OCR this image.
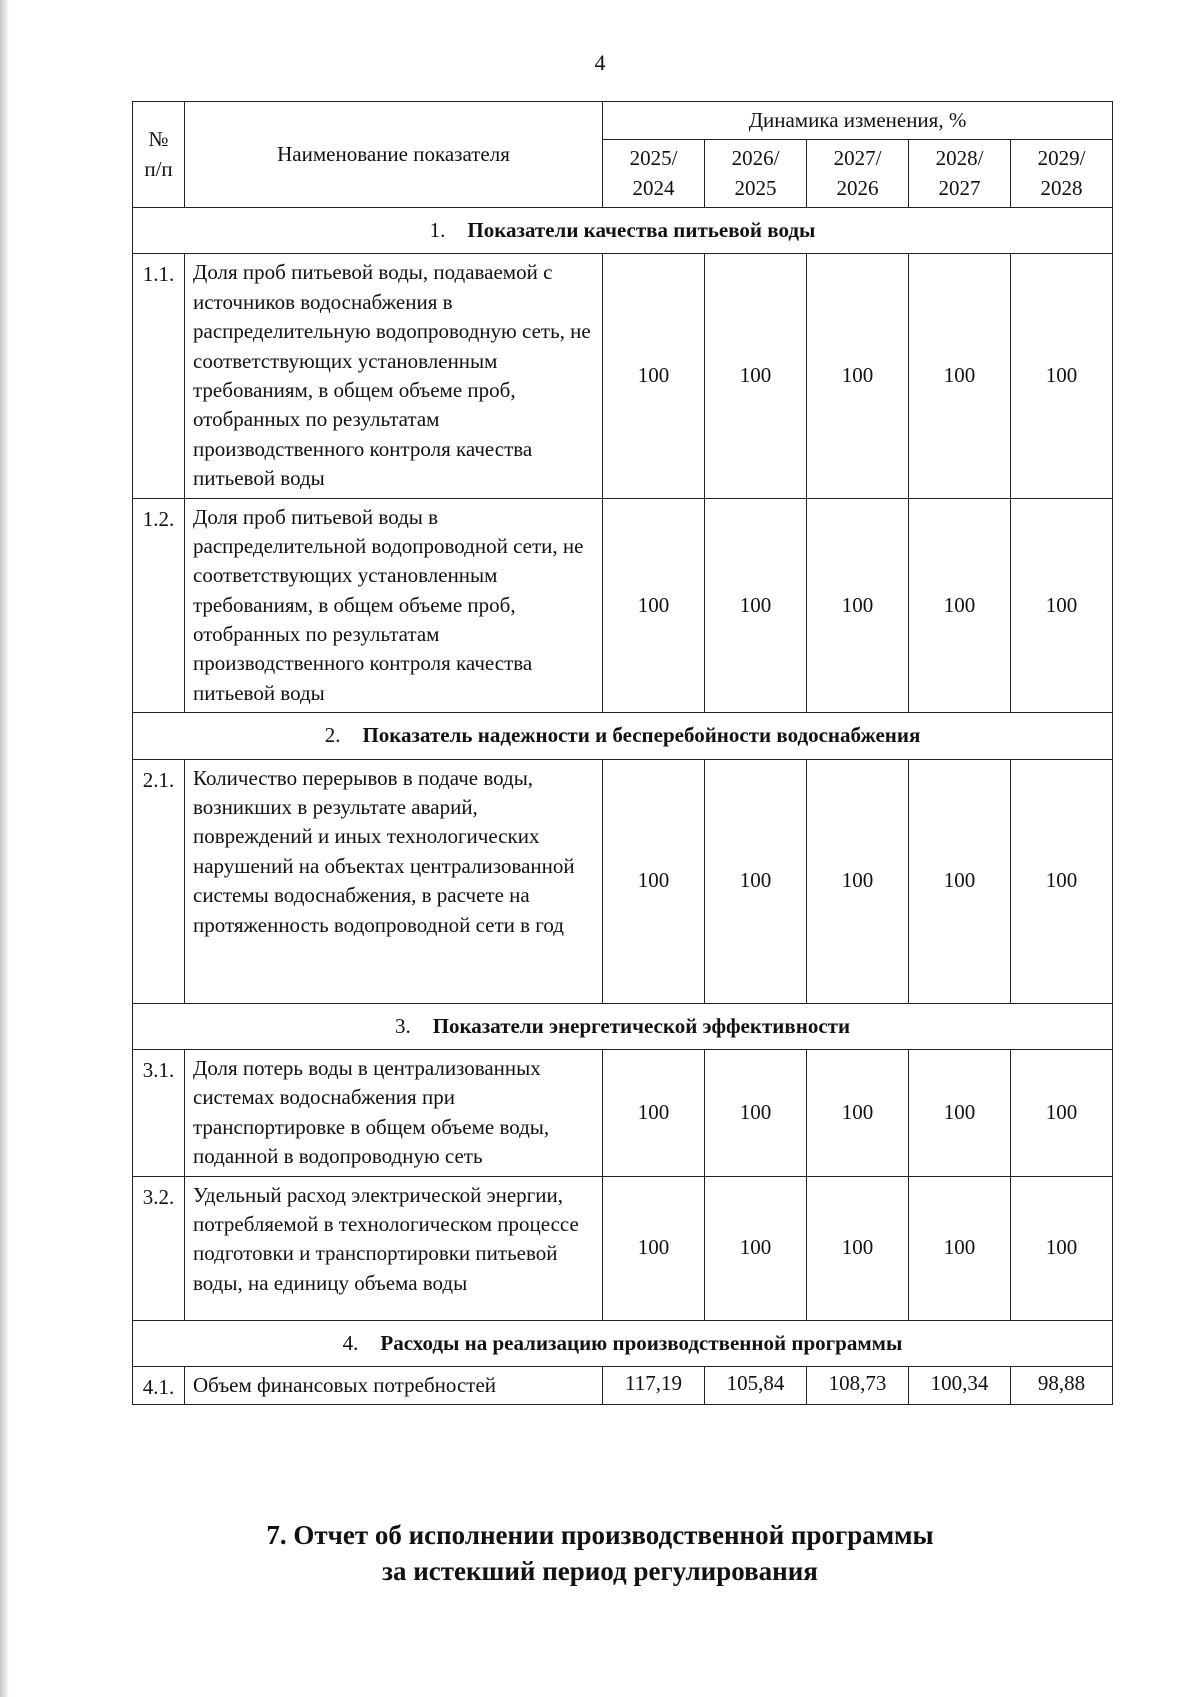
4
№ п/п	Наименование показателя	Динамика изменения, %				
		2025/ 2024	2026/ 2025	2027/ 2026	2028/ 2027	2029/ 2028
1. Показатели качества питьевой воды						
1.1.	Доля проб питьевой воды, подаваемой с источников водоснабжения в распределительную водопроводную сеть, не соответствующих установленным требованиям, в общем объеме проб, отобранных по результатам производственного контроля качества питьевой воды	100	100	100	100	100
1.2.	Доля проб питьевой воды в распределительной водопроводной сети, не соответствующих установленным требованиям, в общем объеме проб, отобранных по результатам производственного контроля качества питьевой воды	100	100	100	100	100
2. Показатель надежности и бесперебойности водоснабжения						
2.1.	Количество перерывов в подаче воды, возникших в результате аварий, повреждений и иных технологических нарушений на объектах централизованной системы водоснабжения, в расчете на протяженность водопроводной сети в год	100	100	100	100	100
3. Показатели энергетической эффективности						
3.1.	Доля потерь воды в централизованных системах водоснабжения при транспортировке в общем объеме воды, поданной в водопроводную сеть	100	100	100	100	100
3.2.	Удельный расход электрической энергии, потребляемой в технологическом процессе подготовки и транспортировки питьевой воды, на единицу объема воды	100	100	100	100	100
4. Расходы на реализацию производственной программы						
4.1.	Объем финансовых потребностей	117,19	105,84	108,73	100,34	98,88
7. Отчет об исполнении производственной программы
за истекший период регулирования
